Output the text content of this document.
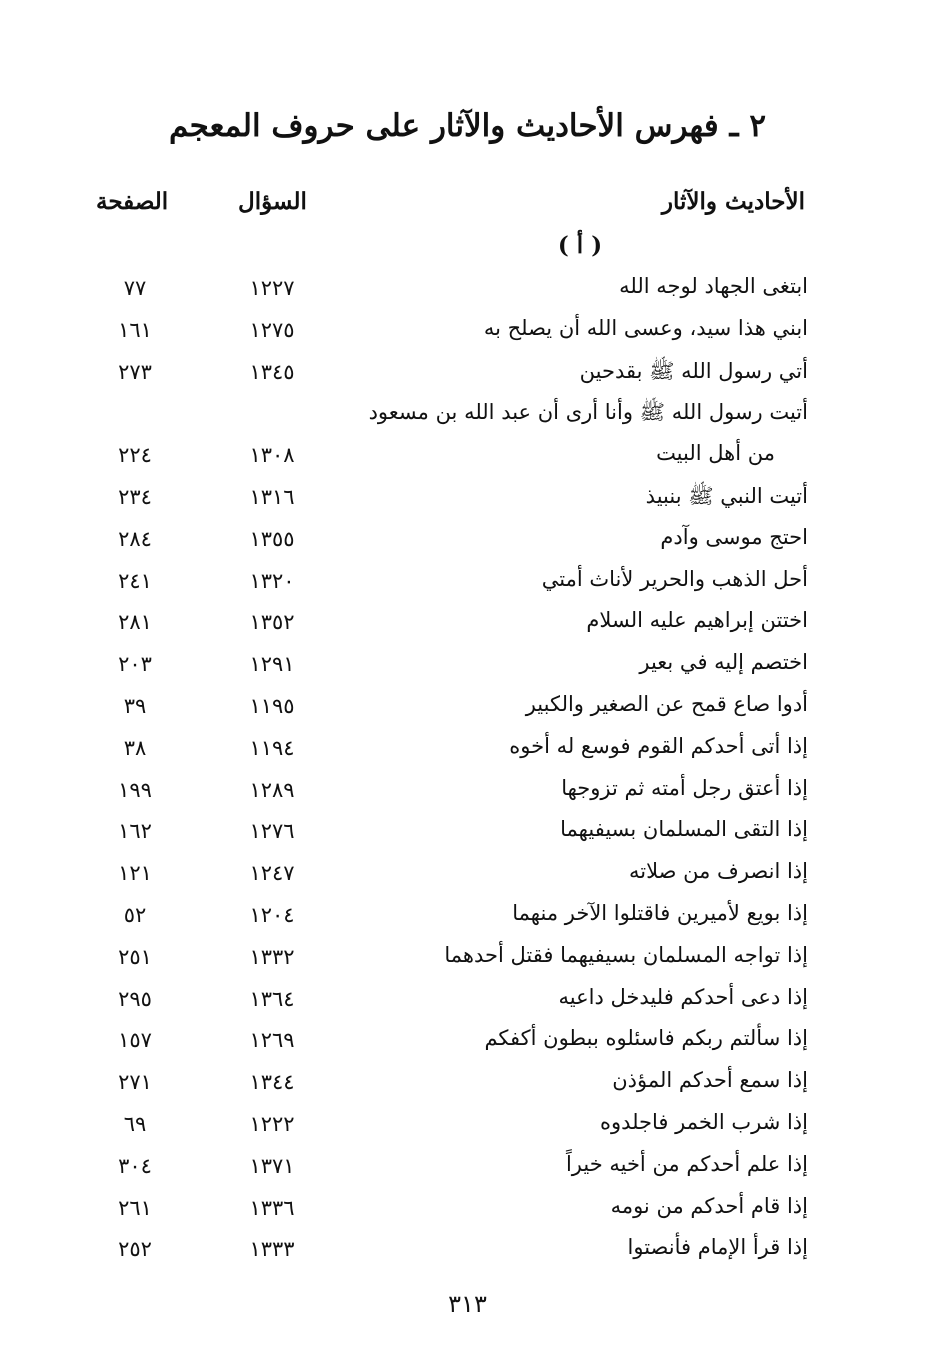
٢ ـ فهرس الأحاديث والآثار على حروف المعجم
الأحاديث والآثار
السؤال
الصفحة
( أ )
ابتغى الجهاد لوجه الله
١٢٢٧
٧٧
ابني هذا سيد، وعسى الله أن يصلح به
١٢٧٥
١٦١
أتي رسول الله ﷺ بقدحين
١٣٤٥
٢٧٣
أتيت رسول الله ﷺ وأنا أرى أن عبد الله بن مسعود
من أهل البيت
١٣٠٨
٢٢٤
أتيت النبي ﷺ بنبيذ
١٣١٦
٢٣٤
احتج موسى وآدم
١٣٥٥
٢٨٤
أحل الذهب والحرير لأناث أمتي
١٣٢٠
٢٤١
اختتن إبراهيم عليه السلام
١٣٥٢
٢٨١
اختصم إليه في بعير
١٢٩١
٢٠٣
أدوا صاع قمح عن الصغير والكبير
١١٩٥
٣٩
إذا أتى أحدكم القوم فوسع له أخوه
١١٩٤
٣٨
إذا أعتق رجل أمته ثم تزوجها
١٢٨٩
١٩٩
إذا التقى المسلمان بسيفيهما
١٢٧٦
١٦٢
إذا انصرف من صلاته
١٢٤٧
١٢١
إذا بويع لأميرين فاقتلوا الآخر منهما
١٢٠٤
٥٢
إذا تواجه المسلمان بسيفيهما فقتل أحدهما
١٣٣٢
٢٥١
إذا دعى أحدكم فليدخل داعيه
١٣٦٤
٢٩٥
إذا سألتم ربكم فاسئلوه ببطون أكفكم
١٢٦٩
١٥٧
إذا سمع أحدكم المؤذن
١٣٤٤
٢٧١
إذا شرب الخمر فاجلدوه
١٢٢٢
٦٩
إذا علم أحدكم من أخيه خيراً
١٣٧١
٣٠٤
إذا قام أحدكم من نومه
١٣٣٦
٢٦١
إذا قرأ الإمام فأنصتوا
١٣٣٣
٢٥٢
٣١٣
